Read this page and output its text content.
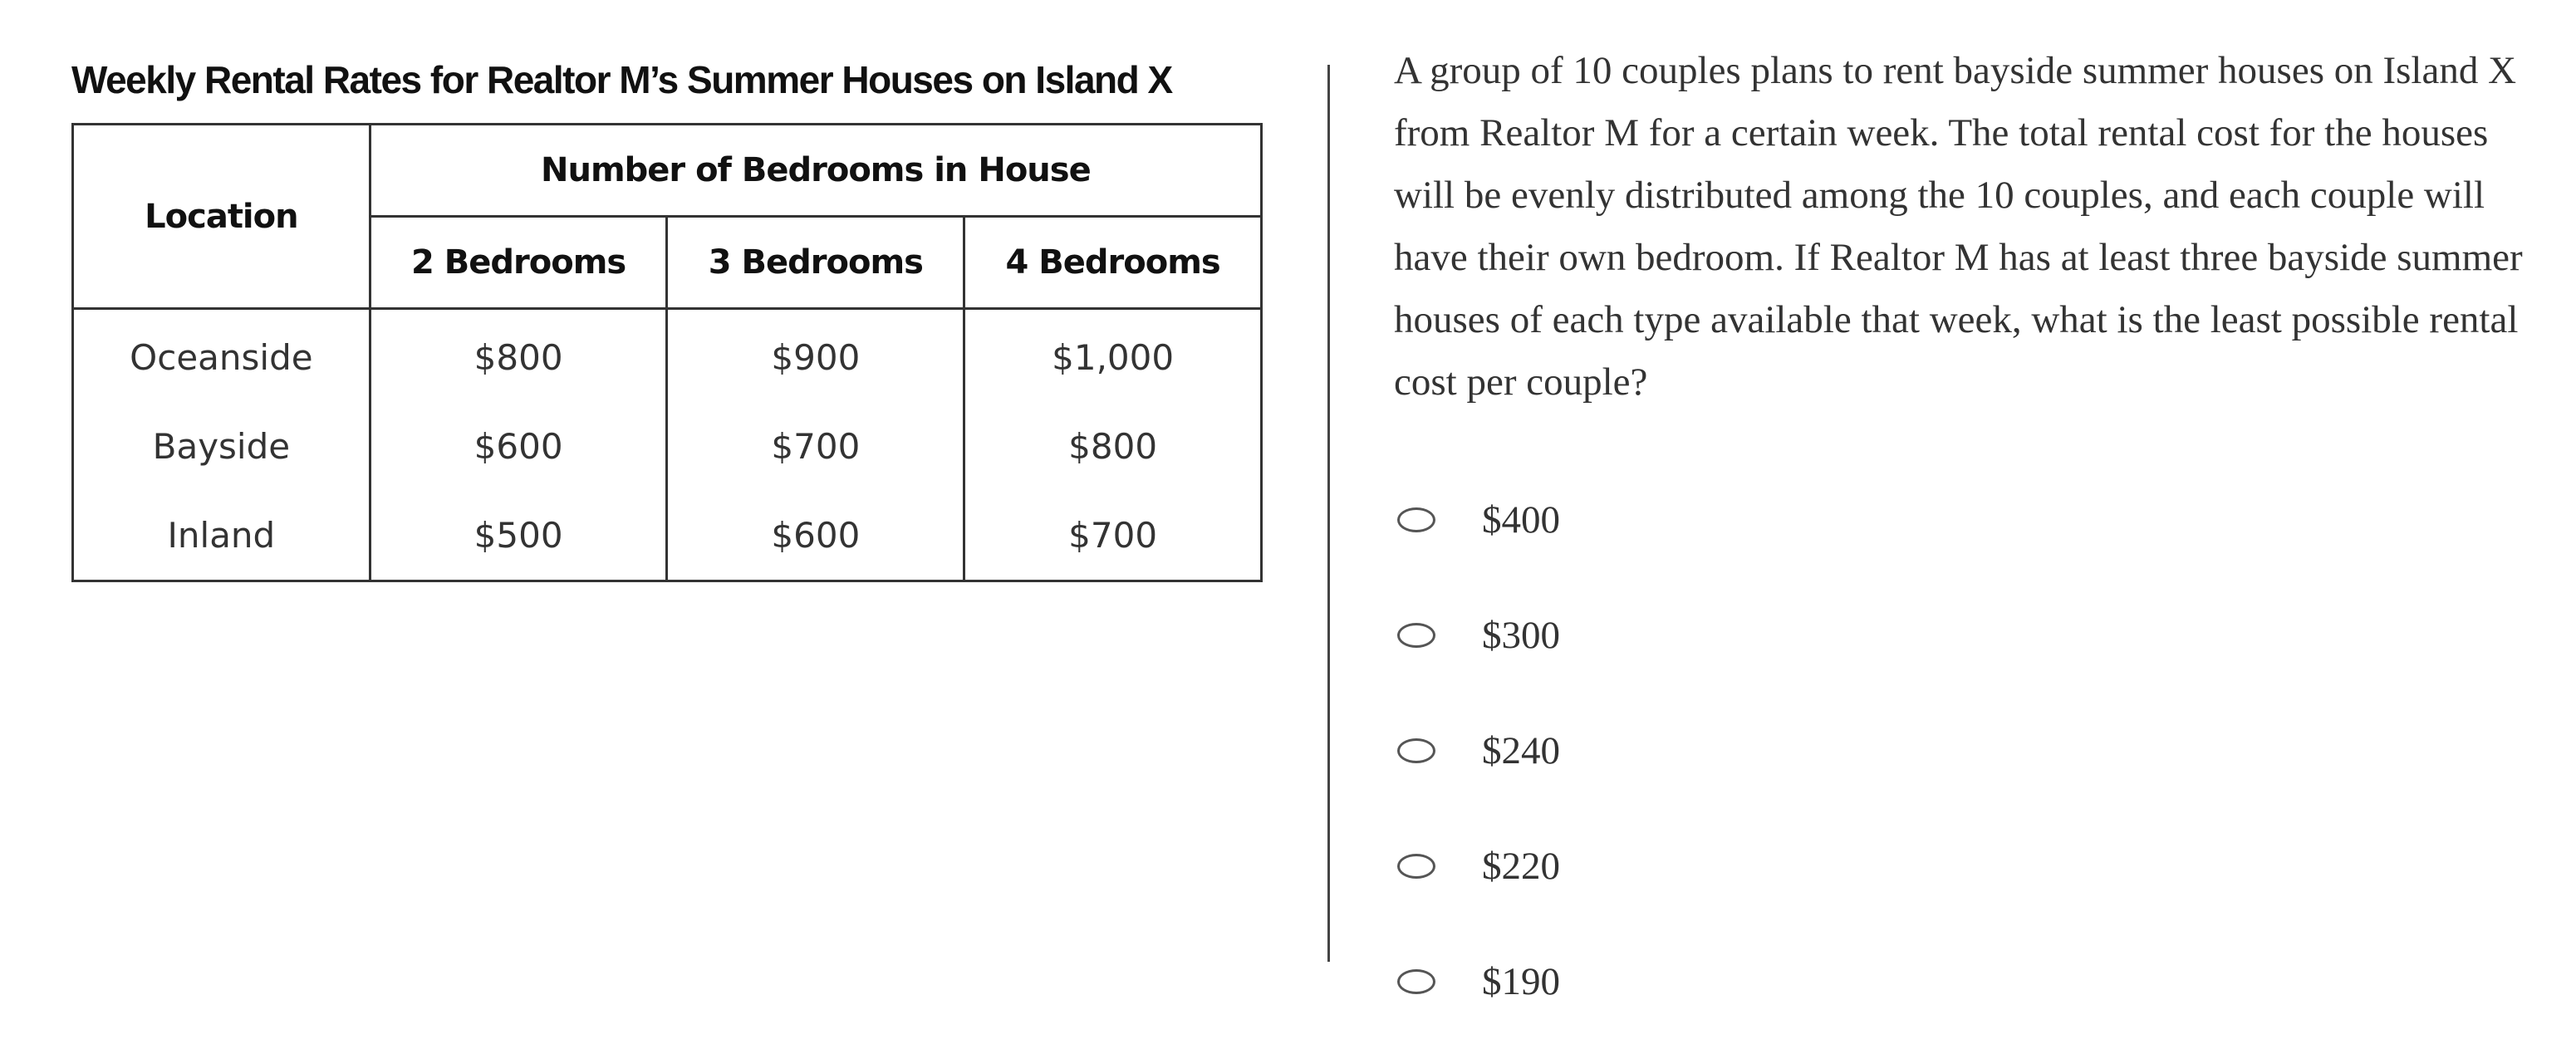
Weekly Rental Rates for Realtor M’s Summer Houses on Island X
Location	Number of Bedrooms in House		
	2 Bedrooms	3 Bedrooms	4 Bedrooms
Oceanside	$800	$900	$1,000
Bayside	$600	$700	$800
Inland	$500	$600	$700

A group of 10 couples plans to rent bayside summer houses on Island X from Realtor M for a certain week. The total rental cost for the houses will be evenly distributed among the 10 couples, and each couple will have their own bedroom. If Realtor M has at least three bayside summer houses of each type available that week, what is the least possible rental cost per couple?

$400
$300
$240
$220
$190
